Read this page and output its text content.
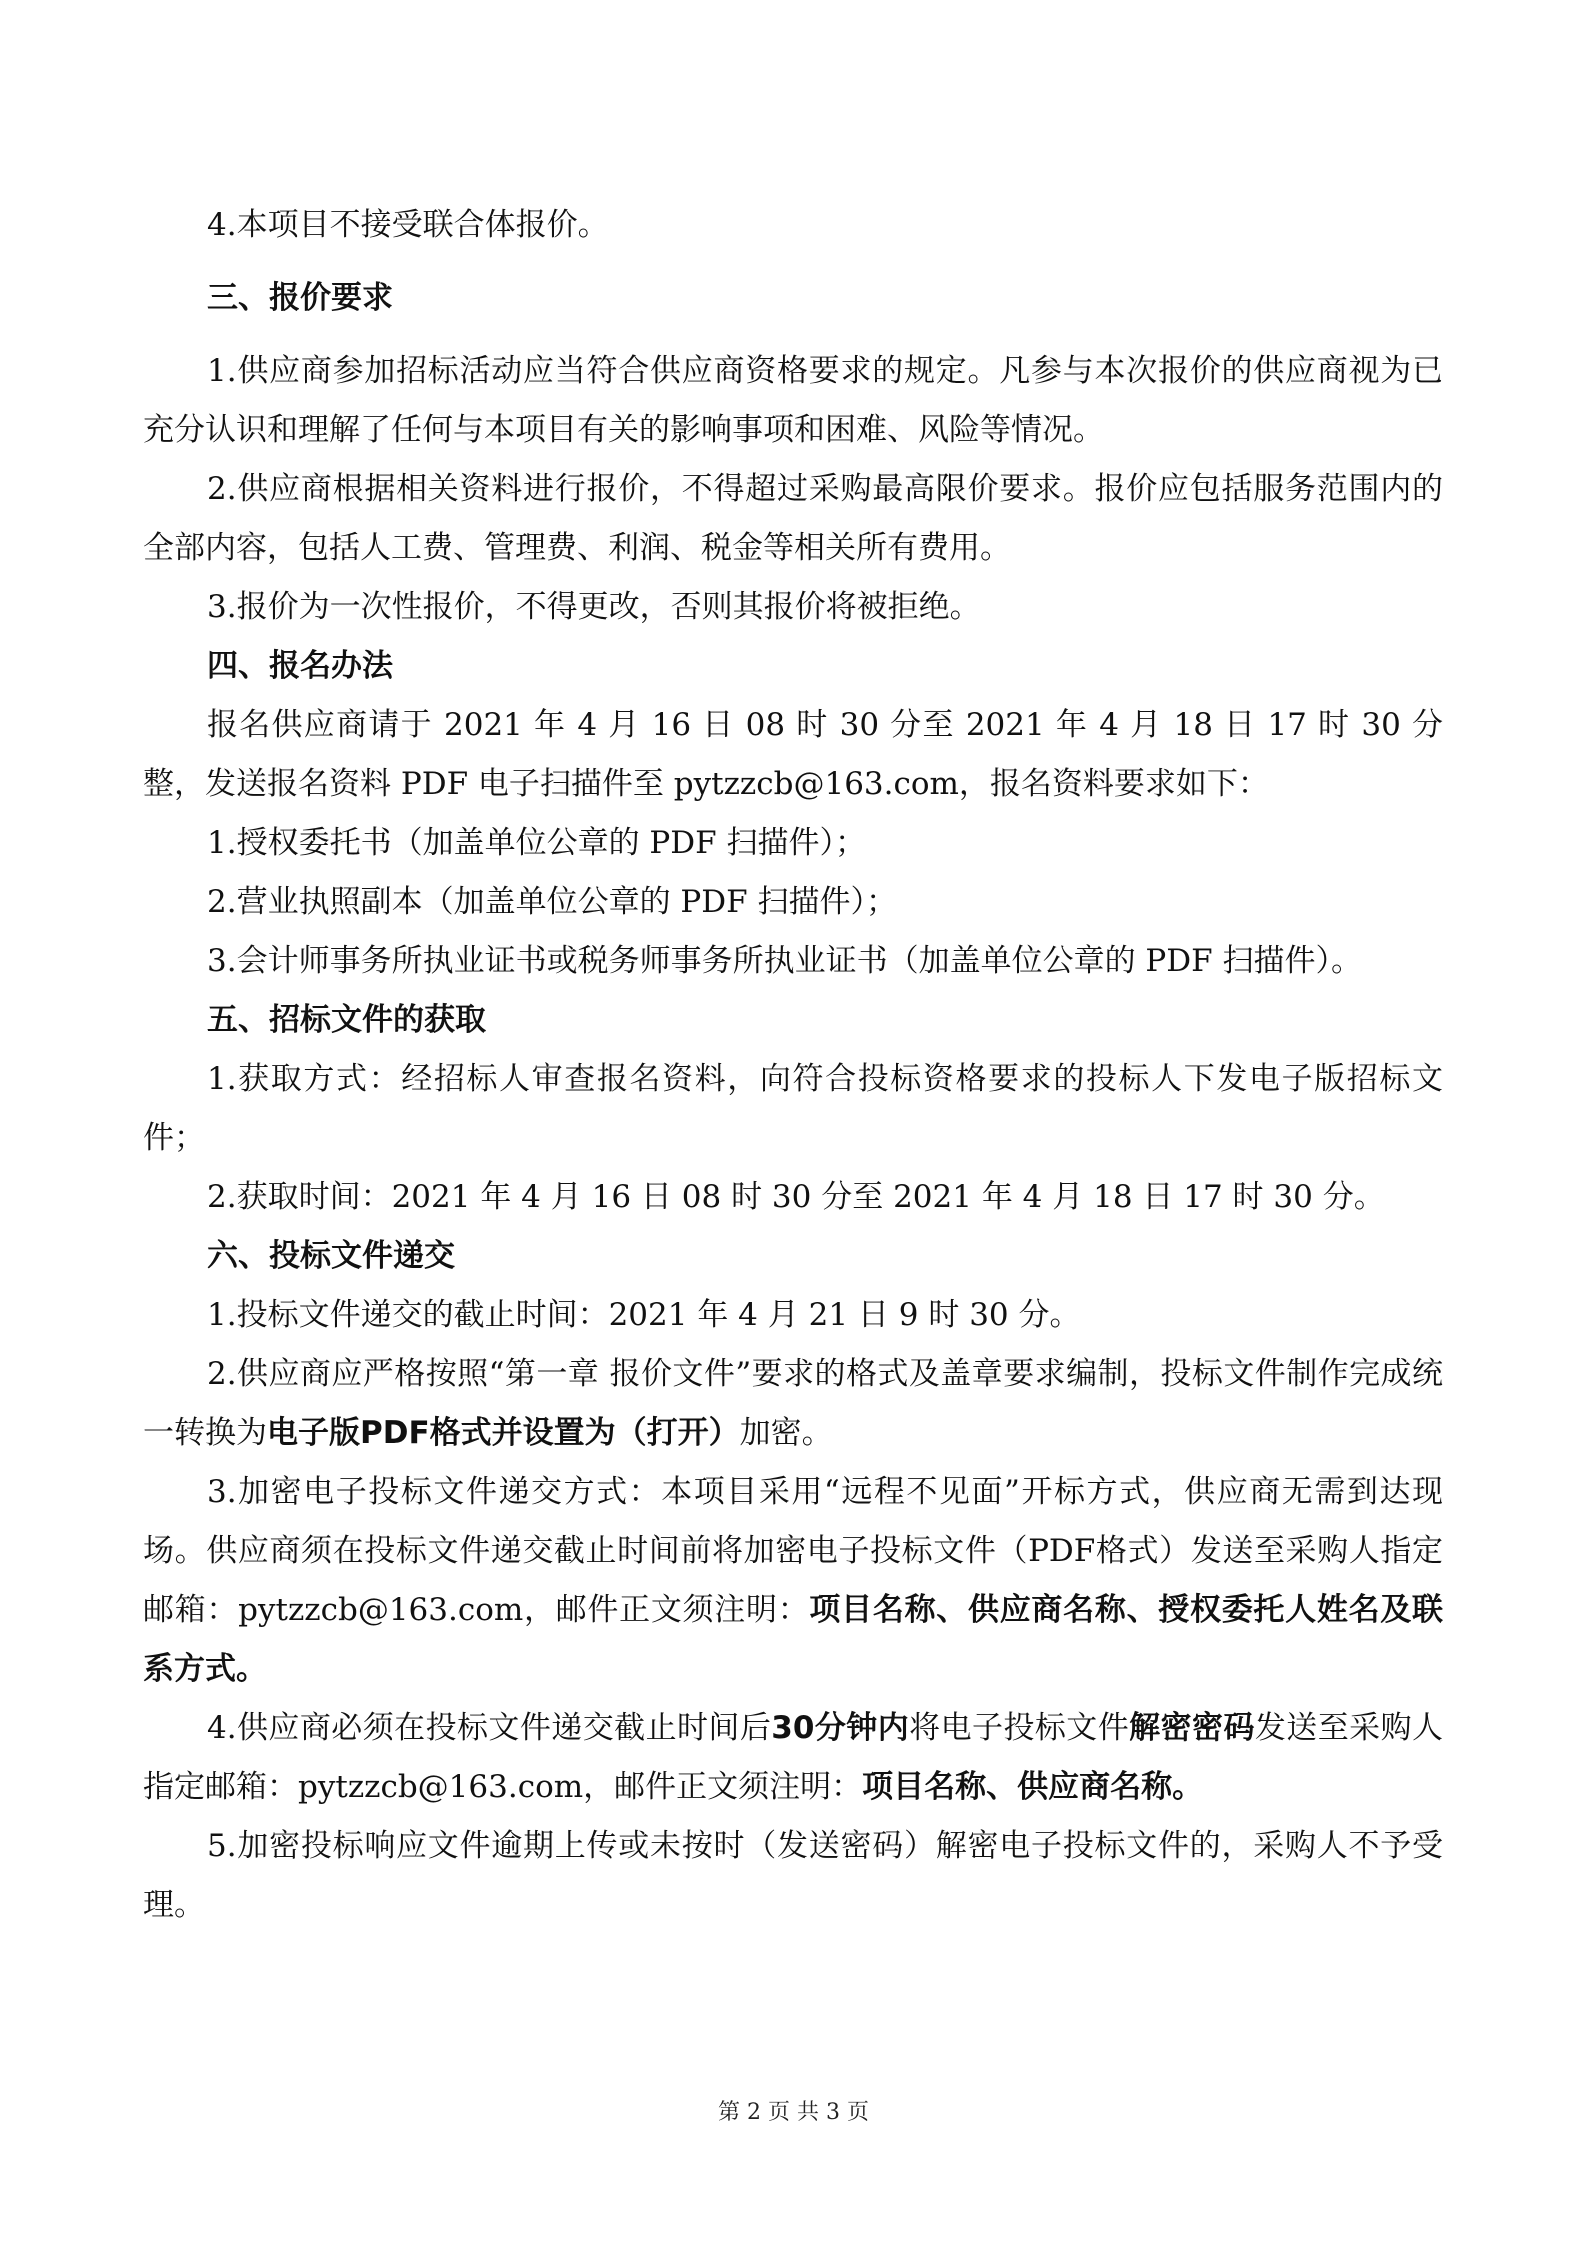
4.本项目不接受联合体报价。

三、报价要求

1.供应商参加招标活动应当符合供应商资格要求的规定。凡参与本次报价的供应商视为已充分认识和理解了任何与本项目有关的影响事项和困难、风险等情况。

2.供应商根据相关资料进行报价，不得超过采购最高限价要求。报价应包括服务范围内的全部内容，包括人工费、管理费、利润、税金等相关所有费用。

3.报价为一次性报价，不得更改，否则其报价将被拒绝。

四、报名办法

报名供应商请于 2021 年 4 月 16 日 08 时 30 分至 2021 年 4 月 18 日 17 时 30 分整，发送报名资料 PDF 电子扫描件至 pytzzcb@163.com，报名资料要求如下：

1.授权委托书（加盖单位公章的 PDF 扫描件）；

2.营业执照副本（加盖单位公章的 PDF 扫描件）；

3.会计师事务所执业证书或税务师事务所执业证书（加盖单位公章的 PDF 扫描件）。

五、招标文件的获取

1.获取方式：经招标人审查报名资料，向符合投标资格要求的投标人下发电子版招标文件；

2.获取时间：2021 年 4 月 16 日 08 时 30 分至 2021 年 4 月 18 日 17 时 30 分。

六、投标文件递交

1.投标文件递交的截止时间：2021 年 4 月 21 日 9 时 30 分。

2.供应商应严格按照“第一章 报价文件”要求的格式及盖章要求编制，投标文件制作完成统一转换为电子版PDF格式并设置为（打开）加密。

3.加密电子投标文件递交方式：本项目采用“远程不见面”开标方式，供应商无需到达现场。供应商须在投标文件递交截止时间前将加密电子投标文件（PDF格式）发送至采购人指定邮箱：pytzzcb@163.com，邮件正文须注明：项目名称、供应商名称、授权委托人姓名及联系方式。

4.供应商必须在投标文件递交截止时间后30分钟内将电子投标文件解密密码发送至采购人指定邮箱：pytzzcb@163.com，邮件正文须注明：项目名称、供应商名称。

5.加密投标响应文件逾期上传或未按时（发送密码）解密电子投标文件的，采购人不予受理。

第 2 页 共 3 页
